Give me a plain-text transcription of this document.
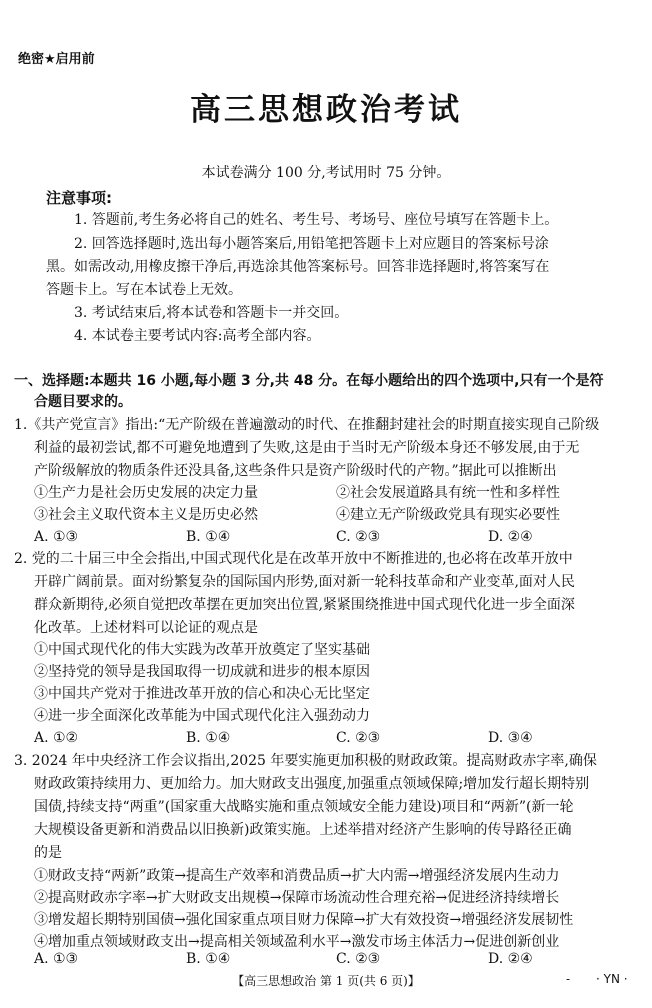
绝密★启用前
高三思想政治考试
本试卷满分 100 分,考试用时 75 分钟。
注意事项:
1. 答题前,考生务必将自己的姓名、考生号、考场号、座位号填写在答题卡上。
2. 回答选择题时,选出每小题答案后,用铅笔把答题卡上对应题目的答案标号涂
黑。如需改动,用橡皮擦干净后,再选涂其他答案标号。回答非选择题时,将答案写在
答题卡上。写在本试卷上无效。
3. 考试结束后,将本试卷和答题卡一并交回。
4. 本试卷主要考试内容:高考全部内容。
一、选择题:本题共 16 小题,每小题 3 分,共 48 分。在每小题给出的四个选项中,只有一个是符
合题目要求的。
1.《共产党宣言》指出:“无产阶级在普遍激动的时代、在推翻封建社会的时期直接实现自己阶级
利益的最初尝试,都不可避免地遭到了失败,这是由于当时无产阶级本身还不够发展,由于无
产阶级解放的物质条件还没具备,这些条件只是资产阶级时代的产物。”据此可以推断出
①生产力是社会历史发展的决定力量	②社会发展道路具有统一性和多样性
③社会主义取代资本主义是历史必然	④建立无产阶级政党具有现实必要性
A. ①③	B. ①④	C. ②③	D. ②④
2. 党的二十届三中全会指出,中国式现代化是在改革开放中不断推进的,也必将在改革开放中
开辟广阔前景。面对纷繁复杂的国际国内形势,面对新一轮科技革命和产业变革,面对人民
群众新期待,必须自觉把改革摆在更加突出位置,紧紧围绕推进中国式现代化进一步全面深
化改革。上述材料可以论证的观点是
①中国式现代化的伟大实践为改革开放奠定了坚实基础
②坚持党的领导是我国取得一切成就和进步的根本原因
③中国共产党对于推进改革开放的信心和决心无比坚定
④进一步全面深化改革能为中国式现代化注入强劲动力
A. ①②	B. ①④	C. ②③	D. ③④
3. 2024 年中央经济工作会议指出,2025 年要实施更加积极的财政政策。提高财政赤字率,确保
财政政策持续用力、更加给力。加大财政支出强度,加强重点领域保障;增加发行超长期特别
国债,持续支持“两重”(国家重大战略实施和重点领域安全能力建设)项目和“两新”(新一轮
大规模设备更新和消费品以旧换新)政策实施。上述举措对经济产生影响的传导路径正确
的是
①财政支持“两新”政策→提高生产效率和消费品质→扩大内需→增强经济发展内生动力
②提高财政赤字率→扩大财政支出规模→保障市场流动性合理充裕→促进经济持续增长
③增发超长期特别国债→强化国家重点项目财力保障→扩大有效投资→增强经济发展韧性
④增加重点领域财政支出→提高相关领域盈利水平→激发市场主体活力→促进创新创业
A. ①③	B. ①④	C. ②③	D. ②④
【高三思想政治 第 1 页(共 6 页)】	- · YN ·
